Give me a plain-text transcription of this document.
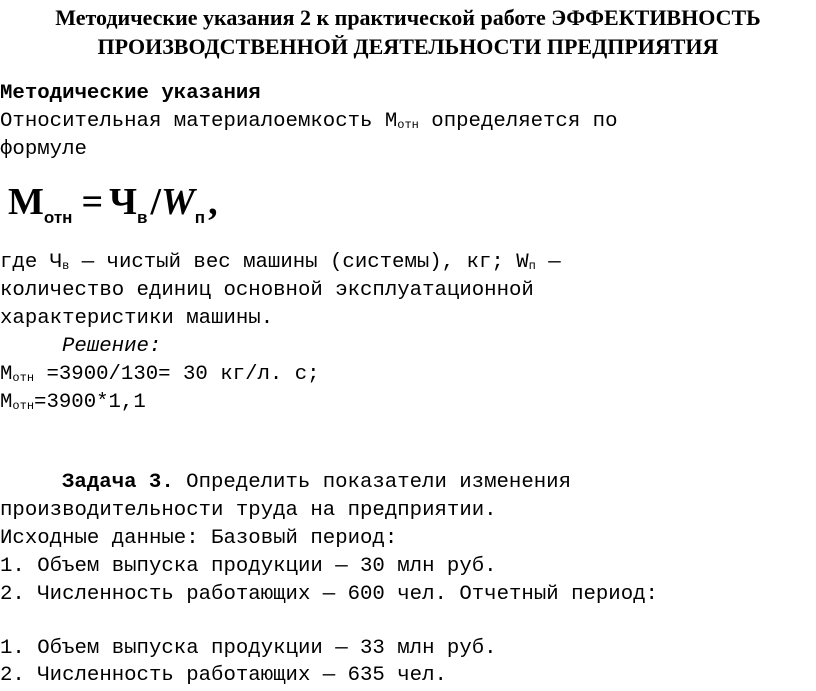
Методические указания 2 к практической работе ЭФФЕКТИВНОСТЬ
ПРОИЗВОДСТВЕННОЙ ДЕЯТЕЛЬНОСТИ ПРЕДПРИЯТИЯ

Методические указания

Относительная материалоемкость $М_{отн}$ определяется по

формуле

$М_{отн} = Ч_в/W_п$,

где $Ч_в$ — чистый вес машины (системы), кг; $W_п$ —

количество единиц основной эксплуатационной

характеристики машины.

Решение:

$М_{отн} =3900/130= 30$ кг/л. с;

$М_{отн}=3900*1,1$

Задача 3. Определить показатели изменения

производительности труда на предприятии.

Исходные данные: Базовый период:

1. Объем выпуска продукции — 30 млн руб.

2. Численность работающих — 600 чел. Отчетный период:

1. Объем выпуска продукции — 33 млн руб.

2. Численность работающих — 635 чел.
